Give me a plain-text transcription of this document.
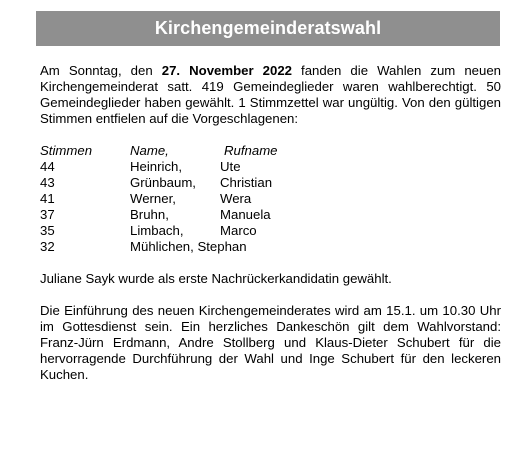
Kirchengemeinderatswahl

Am Sonntag, den 27. November 2022 fanden die Wahlen zum neuen Kirchengemeinderat satt. 419 Gemeindeglieder waren wahlberechtigt. 50 Gemeindeglieder haben gewählt. 1 Stimmzettel war ungültig. Von den gültigen Stimmen entfielen auf die Vorgeschlagenen:

Stimmen	Name,	Rufname
44	Heinrich,	Ute
43	Grünbaum,	Christian
41	Werner,	Wera
37	Bruhn,	Manuela
35	Limbach,	Marco
32	Mühlichen, Stephan

Juliane Sayk wurde als erste Nachrückerkandidatin gewählt.

Die Einführung des neuen Kirchengemeinderates wird am 15.1. um 10.30 Uhr im Gottesdienst sein. Ein herzliches Dankeschön gilt dem Wahlvorstand: Franz-Jürn Erdmann, Andre Stollberg und Klaus-Dieter Schubert für die hervorragende Durchführung der Wahl und Inge Schubert für den leckeren Kuchen.
